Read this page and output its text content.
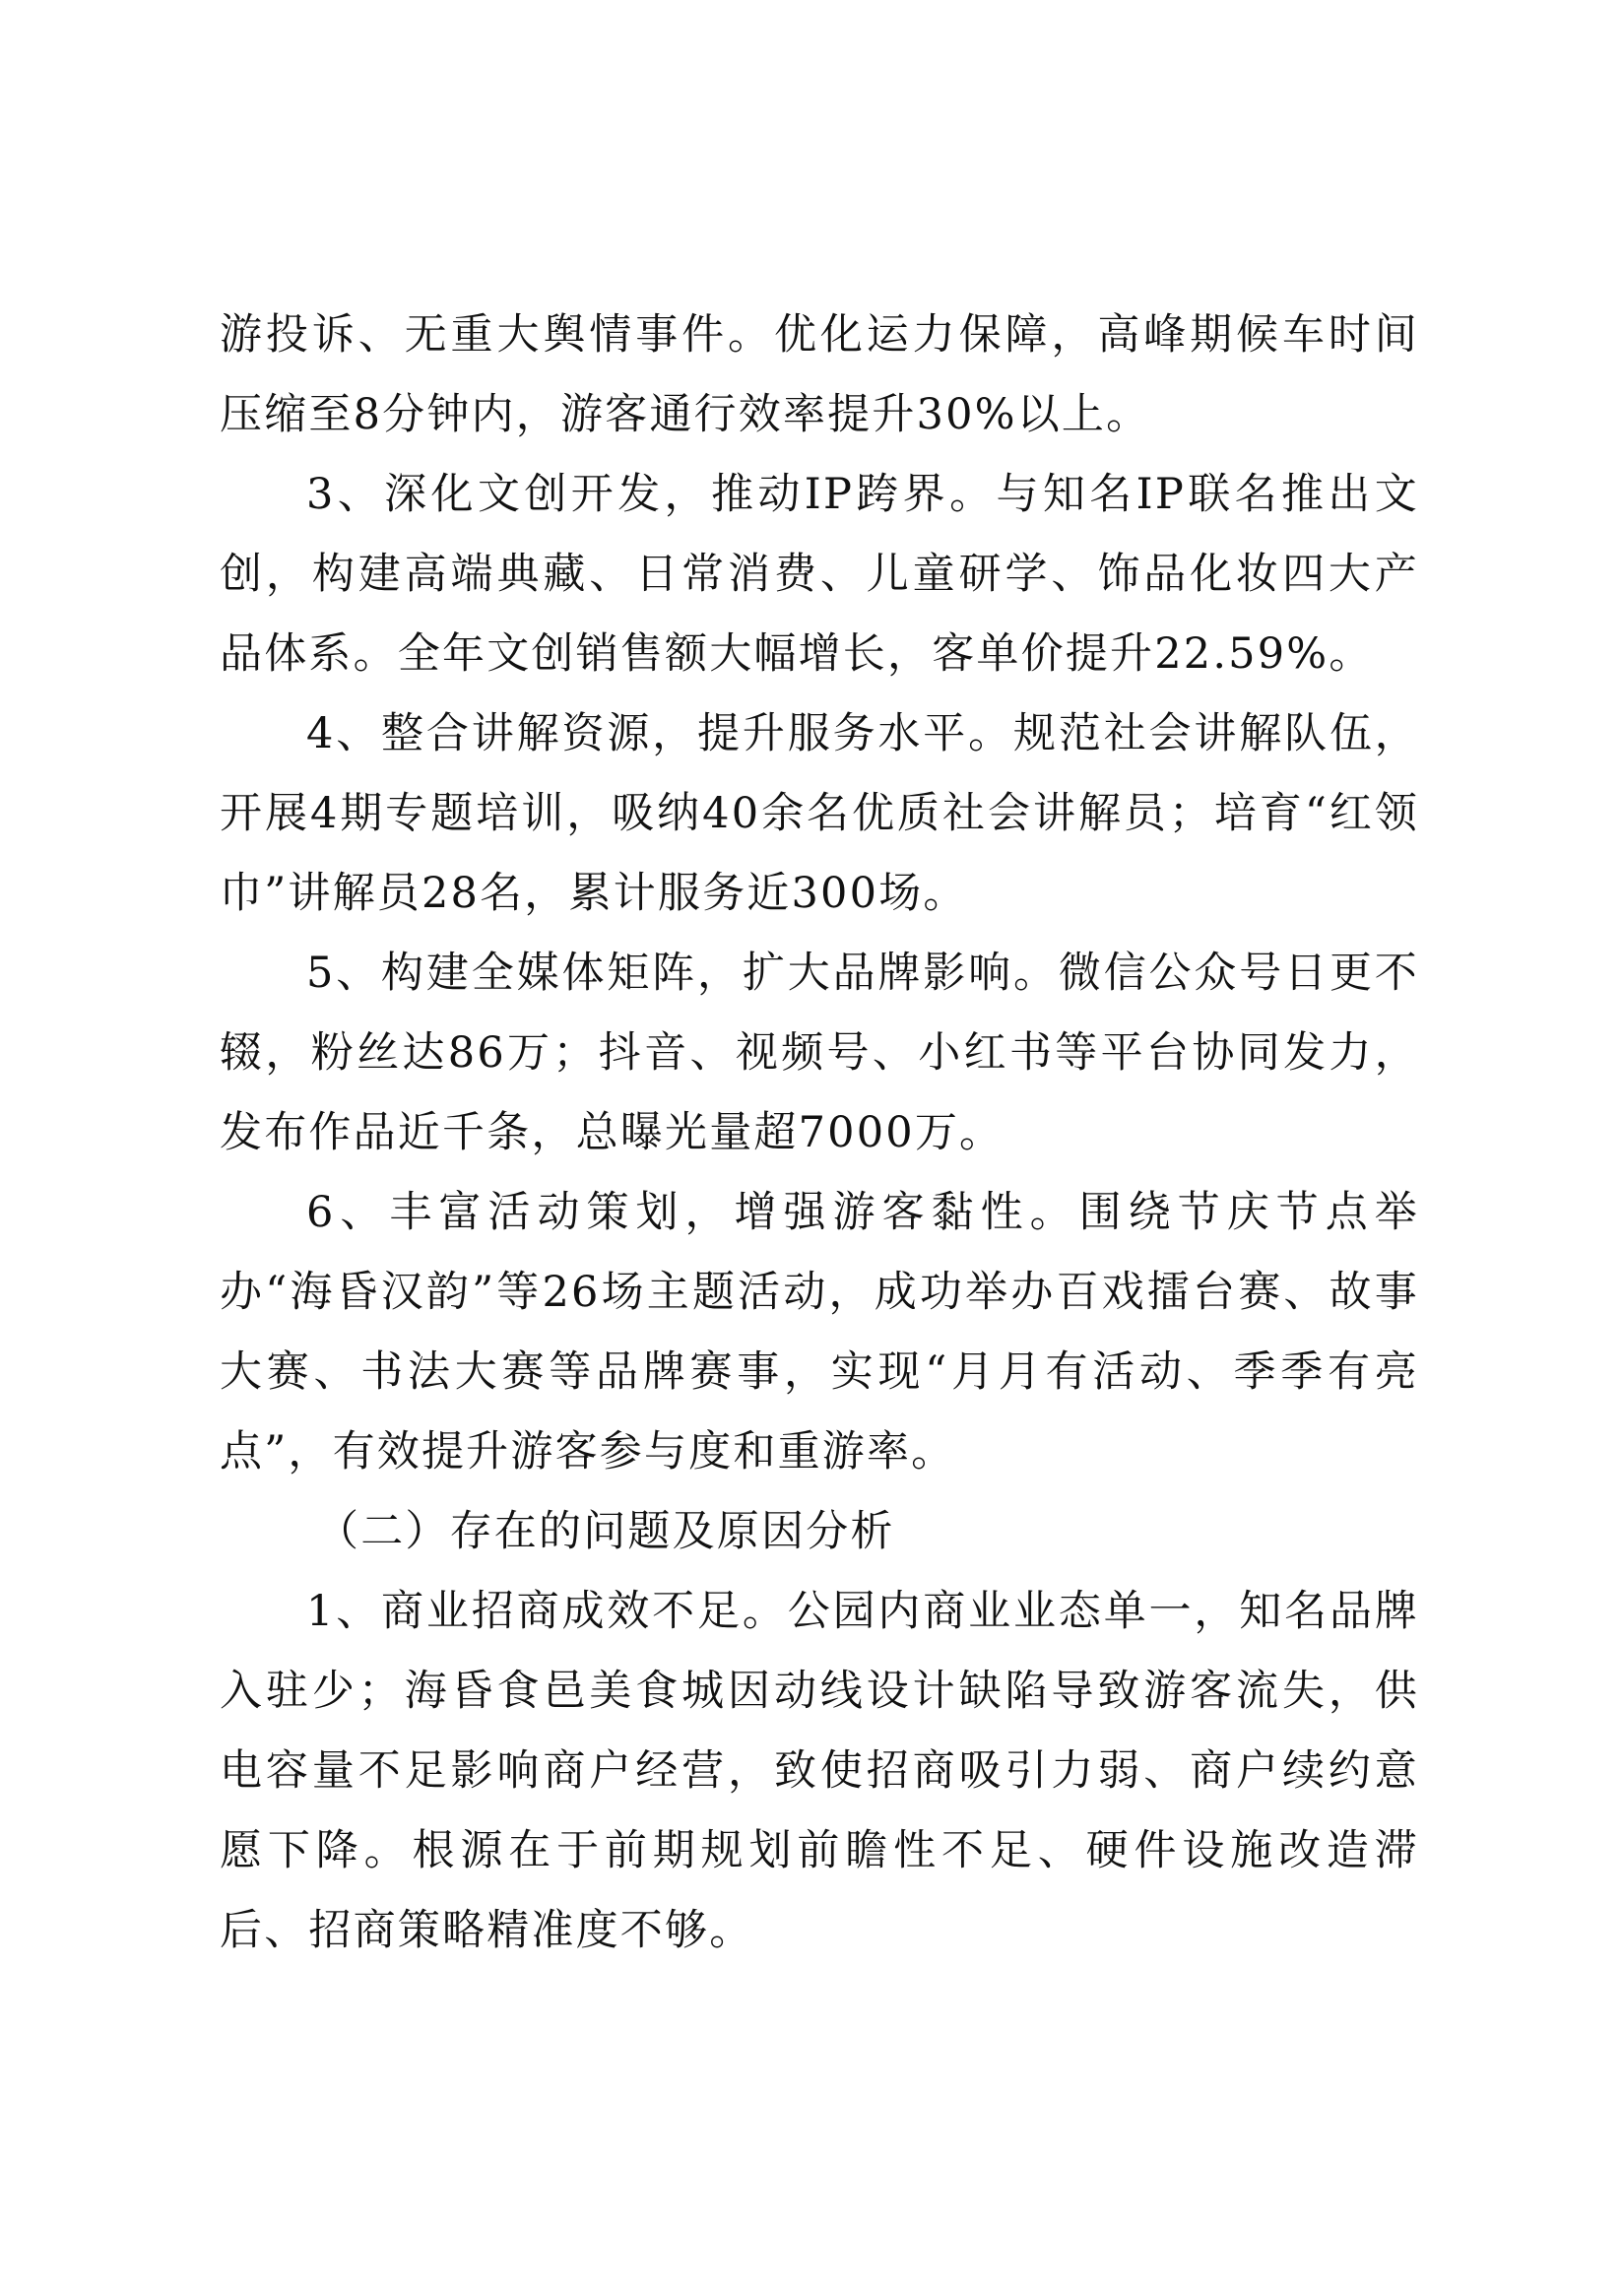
游投诉、无重大舆情事件。优化运力保障，高峰期候车时间压缩至8分钟内，游客通行效率提升30%以上。

3、深化文创开发，推动IP跨界。与知名IP联名推出文创，构建高端典藏、日常消费、儿童研学、饰品化妆四大产品体系。全年文创销售额大幅增长，客单价提升22.59%。

4、整合讲解资源，提升服务水平。规范社会讲解队伍，开展4期专题培训，吸纳40余名优质社会讲解员；培育“红领巾”讲解员28名，累计服务近300场。

5、构建全媒体矩阵，扩大品牌影响。微信公众号日更不辍，粉丝达86万；抖音、视频号、小红书等平台协同发力，发布作品近千条，总曝光量超7000万。

6、丰富活动策划，增强游客黏性。围绕节庆节点举办“海昏汉韵”等26场主题活动，成功举办百戏擂台赛、故事大赛、书法大赛等品牌赛事，实现“月月有活动、季季有亮点”，有效提升游客参与度和重游率。

（二）存在的问题及原因分析

1、商业招商成效不足。公园内商业业态单一，知名品牌入驻少；海昏食邑美食城因动线设计缺陷导致游客流失，供电容量不足影响商户经营，致使招商吸引力弱、商户续约意愿下降。根源在于前期规划前瞻性不足、硬件设施改造滞后、招商策略精准度不够。
